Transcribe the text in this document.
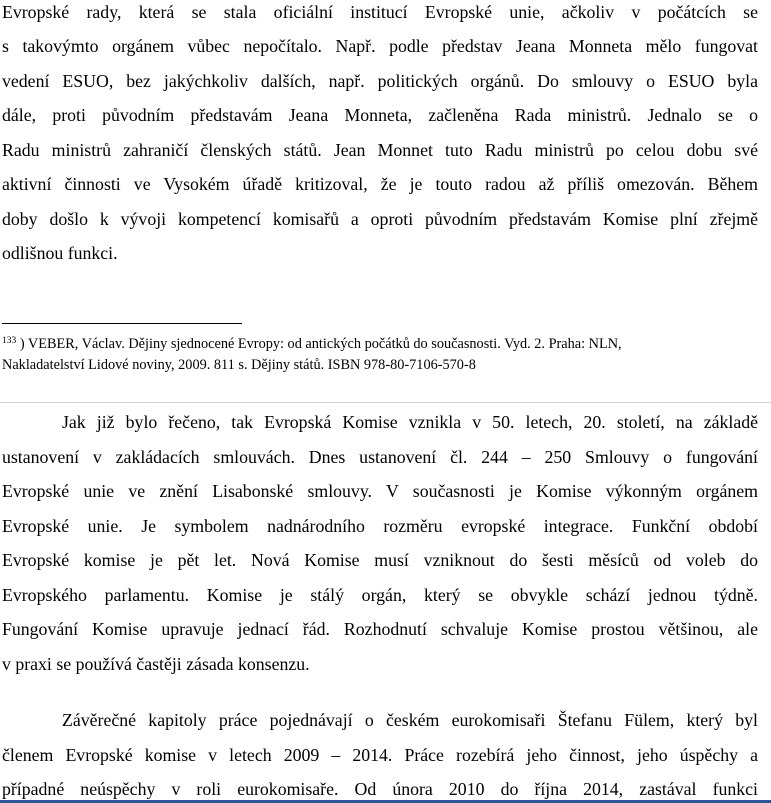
Evropské rady, která se stala oficiální institucí Evropské unie, ačkoliv v počátcích se
s takovýmto orgánem vůbec nepočítalo. Např. podle představ Jeana Monneta mělo fungovat
vedení ESUO, bez jakýchkoliv dalších, např. politických orgánů. Do smlouvy o ESUO byla
dále, proti původním představám Jeana Monneta, začleněna Rada ministrů. Jednalo se o
Radu ministrů zahraničí členských států. Jean Monnet tuto Radu ministrů po celou dobu své
aktivní činnosti ve Vysokém úřadě kritizoval, že je touto radou až příliš omezován. Během
doby došlo k vývoji kompetencí komisařů a oproti původním představám Komise plní zřejmě
odlišnou funkci.
$^{133}$ ) VEBER, Václav. Dějiny sjednocené Evropy: od antických počátků do současnosti. Vyd. 2. Praha: NLN,
Nakladatelství Lidové noviny, 2009. 811 s. Dějiny států. ISBN 978-80-7106-570-8
Jak již bylo řečeno, tak Evropská Komise vznikla v 50. letech, 20. století, na základě
ustanovení v zakládacích smlouvách. Dnes ustanovení čl. 244 – 250 Smlouvy o fungování
Evropské unie ve znění Lisabonské smlouvy. V současnosti je Komise výkonným orgánem
Evropské unie. Je symbolem nadnárodního rozměru evropské integrace. Funkční období
Evropské komise je pět let. Nová Komise musí vzniknout do šesti měsíců od voleb do
Evropského parlamentu. Komise je stálý orgán, který se obvykle schází jednou týdně.
Fungování Komise upravuje jednací řád. Rozhodnutí schvaluje Komise prostou většinou, ale
v praxi se používá častěji zásada konsenzu.
Závěrečné kapitoly práce pojednávají o českém eurokomisaři Štefanu Fülem, který byl
členem Evropské komise v letech 2009 – 2014. Práce rozebírá jeho činnost, jeho úspěchy a
případné neúspěchy v roli eurokomisaře. Od února 2010 do října 2014, zastával funkci
